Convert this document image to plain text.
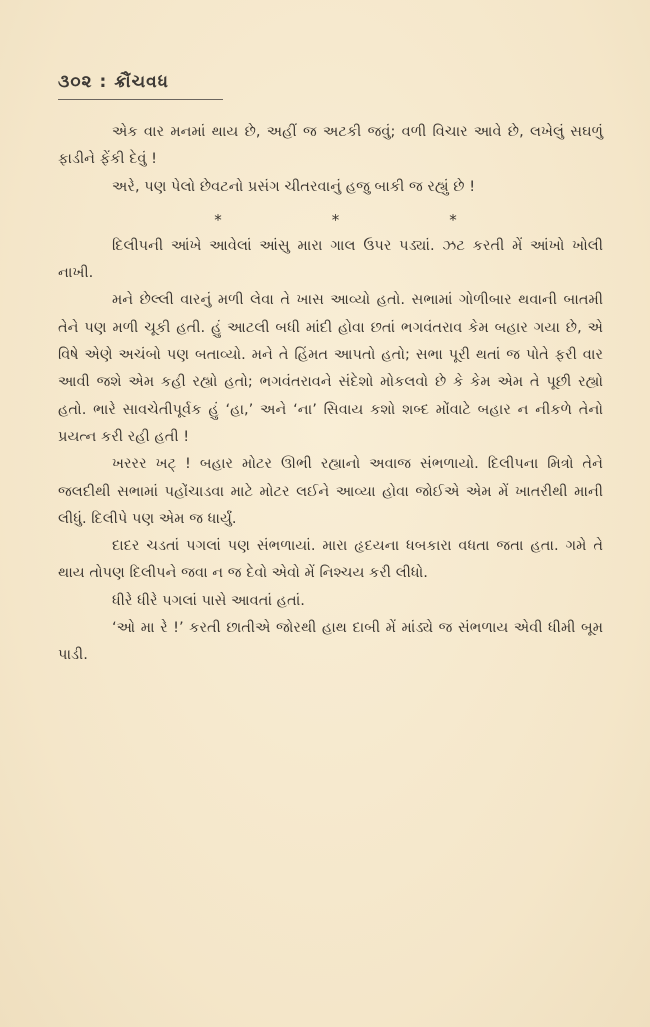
૩૦૨ : ક્રૌંચવધ

એક વાર મનમાં થાય છે, અહીં જ અટકી જવું; વળી વિચાર આવે છે, લખેલું સઘળું ફાડીને ફેંકી દેવું !

અરે, પણ પેલો છેવટનો પ્રસંગ ચીતરવાનું હજુ બાકી જ રહ્યું છે !

*	*	*

દિલીપની આંખે આવેલાં આંસુ મારા ગાલ ઉપર પડ્યાં. ઝટ કરતી મેં આંખો ખોલી નાખી.

મને છેલ્લી વારનું મળી લેવા તે ખાસ આવ્યો હતો. સભામાં ગોળીબાર થવાની બાતમી તેને પણ મળી ચૂકી હતી. હું આટલી બધી માંદી હોવા છતાં ભગવંતરાવ કેમ બહાર ગયા છે, એ વિષે એણે અચંબો પણ બતાવ્યો. મને તે હિંમત આપતો હતો; સભા પૂરી થતાં જ પોતે ફરી વાર આવી જશે એમ કહી રહ્યો હતો; ભગવંતરાવને સંદેશો મોકલવો છે કે કેમ એમ તે પૂછી રહ્યો હતો. ભારે સાવચેતીપૂર્વક હું ‘હા,’ અને ‘ના’ સિવાય કશો શબ્દ મોંવાટે બહાર ન નીકળે તેનો પ્રયત્ન કરી રહી હતી !

ખરરર ખટ્ ! બહાર મોટર ઊભી રહ્યાનો અવાજ સંભળાયો. દિલીપના મિત્રો તેને જલદીથી સભામાં પહોંચાડવા માટે મોટર લઈને આવ્યા હોવા જોઈએ એમ મેં ખાતરીથી માની લીધું. દિલીપે પણ એમ જ ધાર્યું.

દાદર ચડતાં પગલાં પણ સંભળાયાં. મારા હૃદયના ધબકારા વધતા જતા હતા. ગમે તે થાય તોપણ દિલીપને જવા ન જ દેવો એવો મેં નિશ્ચય કરી લીધો.

ધીરે ધીરે પગલાં પાસે આવતાં હતાં.

‘ઓ મા રે !’ કરતી છાતીએ જોરથી હાથ દાબી મેં માંડ્યે જ સંભળાય એવી ધીમી બૂમ પાડી.
